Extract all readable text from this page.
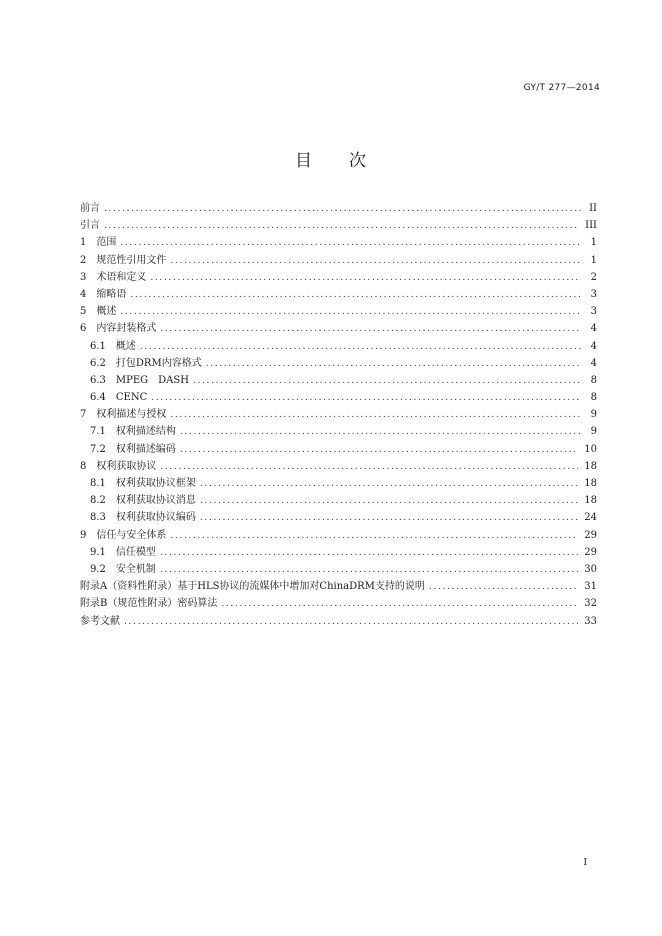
GY/T 277—2014
目　　次
前言 . . .	II
引言 . . .	III
1　范围 . . .	1
2　规范性引用文件 . . .	1
3　术语和定义 . . .	2
4　缩略语 . . .	3
5　概述 . . .	3
6　内容封装格式 . . .	4
6.1　概述 . . .	4
6.2　打包DRM内容格式 . . .	4
6.3　MPEG　DASH . . .	8
6.4　CENC . . .	8
7　权利描述与授权 . . .	9
7.1　权利描述结构 . . .	9
7.2　权利描述编码 . . .	10
8　权利获取协议 . . .	18
8.1　权利获取协议框架 . . .	18
8.2　权利获取协议消息 . . .	18
8.3　权利获取协议编码 . . .	24
9　信任与安全体系 . . .	29
9.1　信任模型 . . .	29
9.2　安全机制 . . .	30
附录A（资料性附录）基于HLS协议的流媒体中增加对ChinaDRM支持的说明 . . .	31
附录B（规范性附录）密码算法 . . .	32
参考文献 . . .	33
I
